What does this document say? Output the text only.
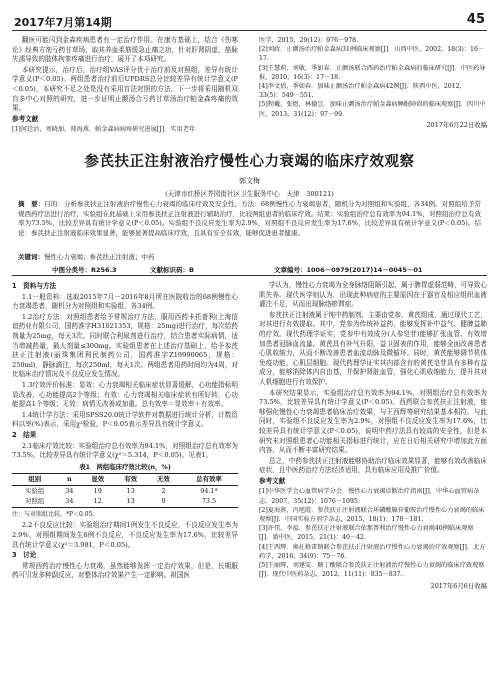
2017年7月第14期	45

翻医可能闪到金森疾病患者有一定治疗作用。在康方基础上，结合《伤寒论》经典方剂亏药甘草场，取其养血柔筋缓急止痛之功，针对肝肾阴虚，筋脉失濡导致的肢体拘挛疼痛进行治疗，展开了本项研究。

本研究提示，治疗后，治疗组VAS评分优于治疗前及对照组，差异有统计学意义(P＜0.05)。两组患者治疗前后UPDRS总分比较差异有统计学意义(P＜0.05)，本研究不足之处是没有采用盲法对照的方法，下一步将采用随机双盲多中心对照的研究，进一步证明止颤汤合亏药甘草汤治疗帕金森疼痛的效果。

参考文献

[1]何廷沽，刘晓加，郑海燕．帕金森病病疼研究进展[J]．实用老年

医学，2015，29(12)：976－978.

[2]刘政．止颤汤治疗帕金森病31例临床观察[J]．山西中医，2002，18(3)：16－17.

[3]王慧莉，刘敏，季如春．止颤汤联合西药治疗帕金森病的临床研究[J]．中医药导报，2010，16(3)：17－18.

[4]李文倩，季如春．加味止颤汤治疗帕金森病42例[J]．陕西中医，2012，33(5)：549－551.

[5]程戴，张煜，林德昱．加味止颤汤治疗帕金森病睡眠障碍的临床观察[J]．四川中医，2013，31(12)：97－99.

2017年6月22日收稿
参芪扶正注射液治疗慢性心力衰竭的临床疗效观察
郭文梅
(天津市红桥区芥园街社区卫生服务中心　天津　300121)
摘　要：目的：分析参芪扶正注射液治疗慢性心力衰竭的临床疗效及安全性。方法：68例慢性心力衰竭患者，随机分为对照组和实验组，各34例。对照组给予常规西药疗法进行治疗，实验组在此基础上采用参芪扶正注射液进行辅助治疗，比较两组患者的临床疗效。结果：实验组治疗总有效率为94.1%，对照组治疗总有效率为73.5%，比较差异具有统计学意义(P＜0.05)。实验组不良反应发生率为2.9%，对照组不良反应发生率为17.6%，比较差异具有统计学意义(P＜0.05)。结论：参芪扶正注射液临床效果显著，能够显著提高临床疗效，且具有安全有效，能够促进患者健康。
关键词：慢性心力衰竭；参芪扶正注射液；中药
中图分类号：R256.3	文献标识码：B	文章编号：1006－0979(2017)14－0045－01
1　资料与方法

1.1一般资料：选取2015年7月－2016年8月所在医院收治的68例慢性心力衰竭患者，随机分为对照组和实验组，各34例。

1.2治疗方法：对照组患者给予常规治疗方法，服用西药卡托普利(上海信谊药业有限公司，国药准字H31021353，规格：25mg)进行治疗，每次给药剂量为25mg，每天3次。同时联合利尿剂进行治疗，结合患者实际病情，适当增减药量，最大剂量≤300mg。实验组患者在上述治疗基础上，给予参芪扶正注射液(丽珠集团利民制药公司，国药准字Z19990065，规格：250ml)，静脉滴注，每次250ml，每天1次。两组患者用药时间均为4周，对比临床治疗情况及不良反应发生情况。

1.3疗效评价标准：显效：心力衰竭相关临床症状显著缓解，心功能指标明显改善，心功能提高2个等级；有效：心力衰竭相关临床症状有所好转，心功能提高1个等级；无效：病情无改善或加重。总有效率＝显效率＋有效率。

1.4统计学方法：采用SPSS20.0统计学软件对数据进行统计分析，计数资料以率(%)表示，采用χ²检验，P＜0.05表示差异具有统计学意义。

2　结果

2.1临床疗效比较：实验组治疗总有效率为94.1%，对照组治疗总有效率为73.5%，比较差异具有统计学意义(χ²＝5.314，P＜0.05)。见表1。

表1　两组临床疗效比较(n，%)
组别	n	显效	有效	无效	总有效率
实验组	34	19	13	2	94.1*
对照组	34	12	13	9	73.5

注：与对照组比较，*P＜0.05。

2.2不良反应比较：实验组治疗期间1例发生不良反应，不良反应发生率为2.9%，对照组期间发生6例不良反应，不良反应发生率为17.6%，比较差异具有统计学意义(χ²＝3.981，P＜0.05)。

3　讨论

常规西药治疗慢性心力衰竭，虽然能够发挥一定治疗效果，但是，长期服药可引发多种副反应，对整体治疗效果产生一定影响。祖国医

学认为，慢性心力衰竭为全身脉络阻隔引起，属于脾胃虚弱范畴，可导致心肌失养。现代医学则认为，出现此种病症的主要原因在于器官及相应组织血液灌注不足，从而出现脉络瘀滞症。

参芪扶正注射液属于纯中药制剂，主要由党参、黄芪组成，通过现代工艺，对其进行有效提取。其中，党参为传统补益药，能够发挥补中益气、健脾益肺的疗效。现代药理学证实，党参中有效成分(人参皂苷)能够扩张血管、有效增加患者冠脉血流量。黄芪具有补气升阳，益卫固表的作用，能够全面改善患者心肌收缩力，从而不断改善患者血流动脉及微循环。同时，黄芪能够调节机体免疫功能，心肌层细胞。现代药理学证实其内部含有的黄芪皂苷具有多种有益成分，能够消除体内自由基，并保护肾脏血管，强化心肌收缩能力，提升其对人机细胞进行有效保护。

本研究结果显示，实验组治疗总有效率为94.1%，对照组治疗总有效率为73.5%，比较差异具有统计学意义(P＜0.05)。西药联合参芪扶正注射液，能够强化慢性心力衰竭患者临床治疗效果，与王西辉等研究结果基本相符。与此同时，实验组不良反应发生率为2.9%，对照组不良反应发生率为17.6%，比较差异具有统计学意义(P＜0.05)，说明中药疗法具有较高的安全性，但是本研究未对照组患者心功能相关指标进行统计，应在日后相关研究中增加此方面内容，从而不断丰富研究结果。

总之，中药参芪扶正注射液能够协助治疗临床效果显著，能够有效改善临床症状，且中医药治疗方法经济适用，具有临床应用及推广价值。

参考文献

[1]中华医学会心血管病学分会．慢性心力衰竭诊断治疗指南[J]．中华心血管病杂志，2007，35(12)：1076－1095.

[2]夏海燕，冯旭霞．参芪扶正注射液联合环磷酸腺苷葡胺治疗慢性心力衰竭的临床观察[J]．中国实验方剂学杂志，2015，18(1)：178－181.

[3]许伟，李福．参芪扶正注射液联合依那普利治疗慢性心力衰竭40例临床观察[J]．新中医，2015，21(1)：40－42.

[4]王西辉．奥扎格雷钠联合参芪扶正注射液治疗慢性心力衰竭的疗效观察[J]．北方药学，2016，34(9)：75－76.

[5]王丽辉，刘建雯．顺丁酸联合参芪扶正注射液治疗慢性心力衰竭的临床疗效观察[J]．现代中医药杂志，2012，11(11)：835－837.

2017年6月6日收稿
